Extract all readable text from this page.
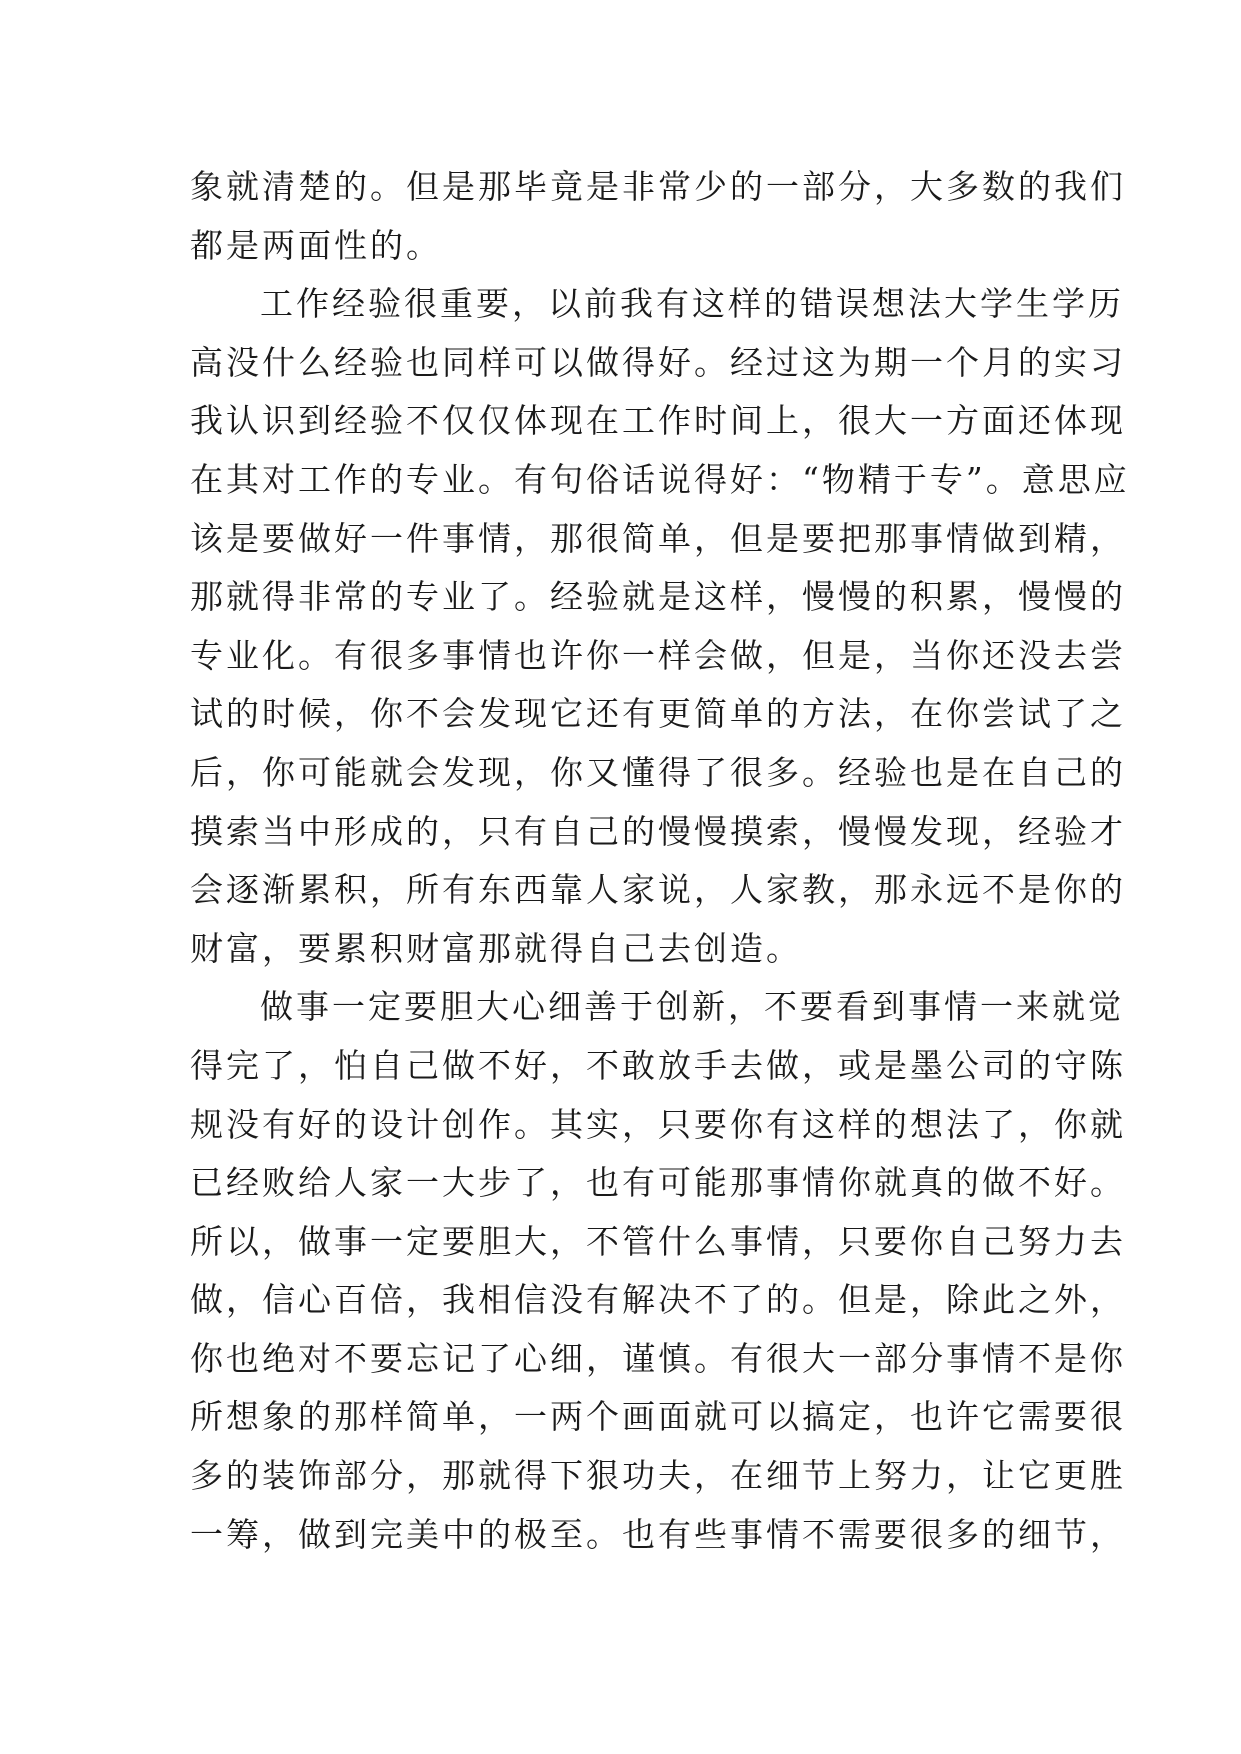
象就清楚的。但是那毕竟是非常少的一部分，大多数的我们
都是两面性的。
工作经验很重要，以前我有这样的错误想法大学生学历
高没什么经验也同样可以做得好。经过这为期一个月的实习
我认识到经验不仅仅体现在工作时间上，很大一方面还体现
在其对工作的专业。有句俗话说得好：“物精于专”。意思应
该是要做好一件事情，那很简单，但是要把那事情做到精，
那就得非常的专业了。经验就是这样，慢慢的积累，慢慢的
专业化。有很多事情也许你一样会做，但是，当你还没去尝
试的时候，你不会发现它还有更简单的方法，在你尝试了之
后，你可能就会发现，你又懂得了很多。经验也是在自己的
摸索当中形成的，只有自己的慢慢摸索，慢慢发现，经验才
会逐渐累积，所有东西靠人家说，人家教，那永远不是你的
财富，要累积财富那就得自己去创造。
做事一定要胆大心细善于创新，不要看到事情一来就觉
得完了，怕自己做不好，不敢放手去做，或是墨公司的守陈
规没有好的设计创作。其实，只要你有这样的想法了，你就
已经败给人家一大步了，也有可能那事情你就真的做不好。
所以，做事一定要胆大，不管什么事情，只要你自己努力去
做，信心百倍，我相信没有解决不了的。但是，除此之外，
你也绝对不要忘记了心细，谨慎。有很大一部分事情不是你
所想象的那样简单，一两个画面就可以搞定，也许它需要很
多的装饰部分，那就得下狠功夫，在细节上努力，让它更胜
一筹，做到完美中的极至。也有些事情不需要很多的细节，
